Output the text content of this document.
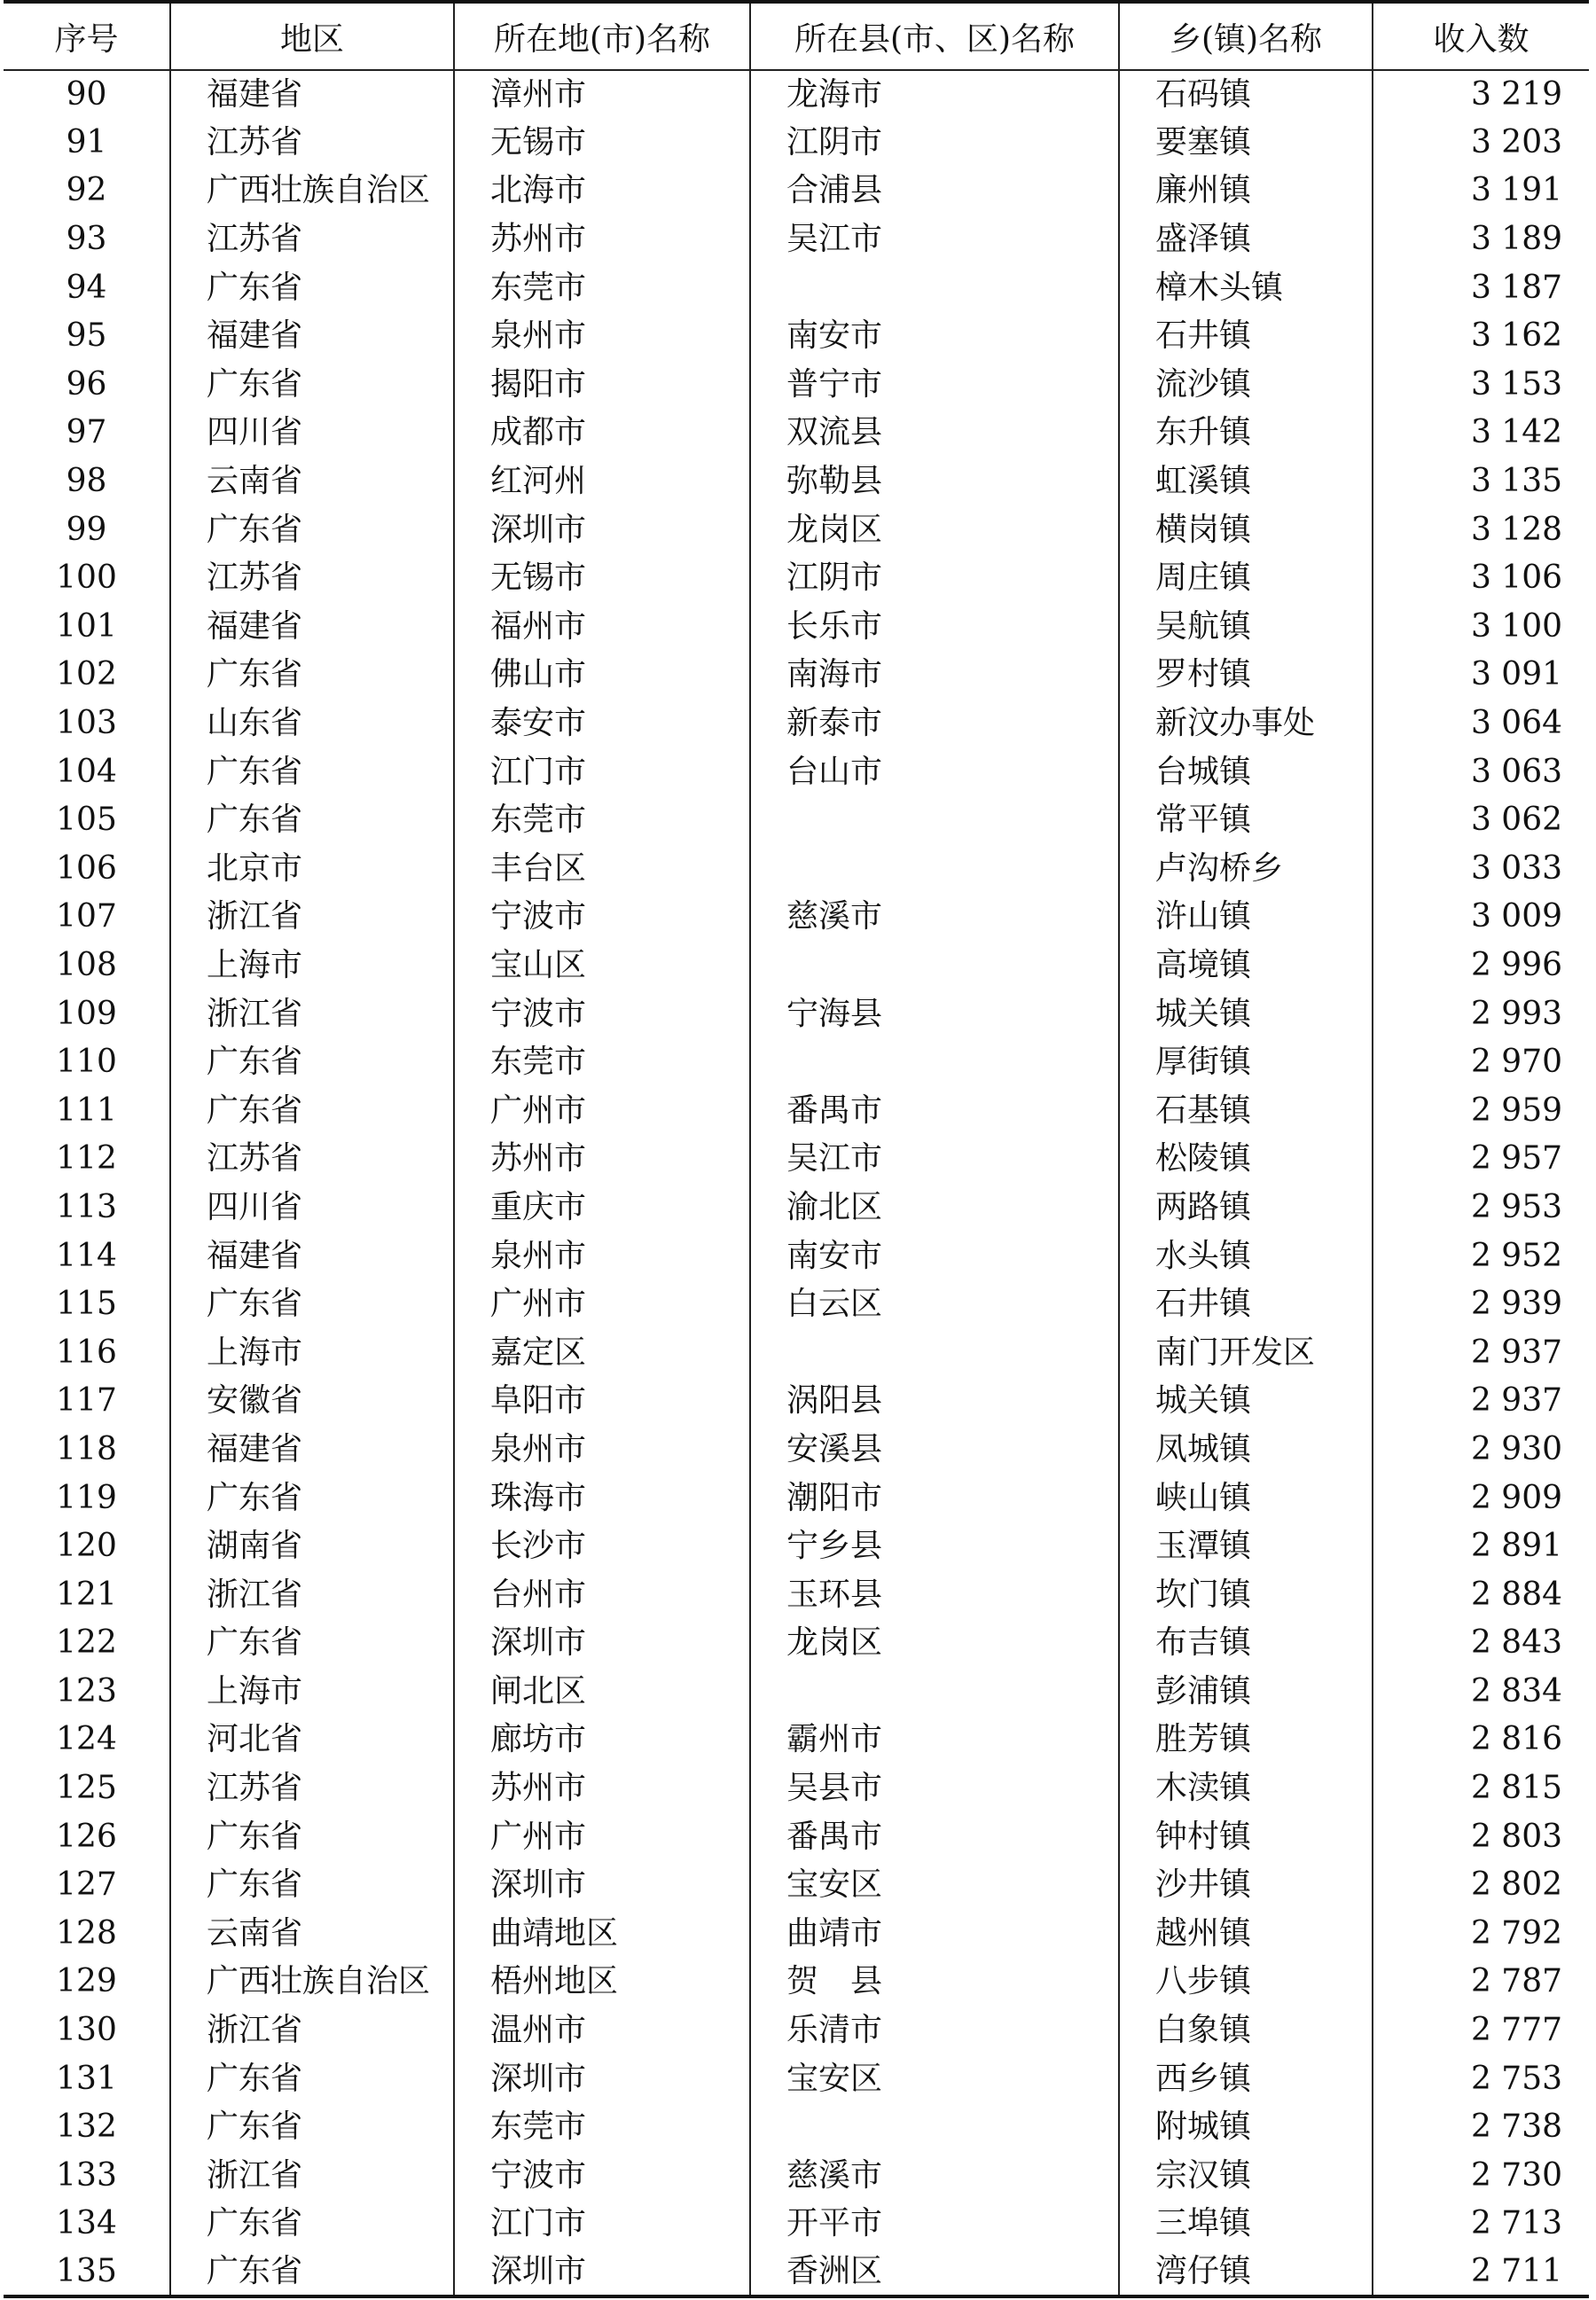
序号	地区	所在地(市)名称	所在县(市、区)名称	乡(镇)名称	收入数
90	福建省	漳州市	龙海市	石码镇	3 219
91	江苏省	无锡市	江阴市	要塞镇	3 203
92	广西壮族自治区	北海市	合浦县	廉州镇	3 191
93	江苏省	苏州市	吴江市	盛泽镇	3 189
94	广东省	东莞市		樟木头镇	3 187
95	福建省	泉州市	南安市	石井镇	3 162
96	广东省	揭阳市	普宁市	流沙镇	3 153
97	四川省	成都市	双流县	东升镇	3 142
98	云南省	红河州	弥勒县	虹溪镇	3 135
99	广东省	深圳市	龙岗区	横岗镇	3 128
100	江苏省	无锡市	江阴市	周庄镇	3 106
101	福建省	福州市	长乐市	吴航镇	3 100
102	广东省	佛山市	南海市	罗村镇	3 091
103	山东省	泰安市	新泰市	新汶办事处	3 064
104	广东省	江门市	台山市	台城镇	3 063
105	广东省	东莞市		常平镇	3 062
106	北京市	丰台区		卢沟桥乡	3 033
107	浙江省	宁波市	慈溪市	浒山镇	3 009
108	上海市	宝山区		高境镇	2 996
109	浙江省	宁波市	宁海县	城关镇	2 993
110	广东省	东莞市		厚街镇	2 970
111	广东省	广州市	番禺市	石基镇	2 959
112	江苏省	苏州市	吴江市	松陵镇	2 957
113	四川省	重庆市	渝北区	两路镇	2 953
114	福建省	泉州市	南安市	水头镇	2 952
115	广东省	广州市	白云区	石井镇	2 939
116	上海市	嘉定区		南门开发区	2 937
117	安徽省	阜阳市	涡阳县	城关镇	2 937
118	福建省	泉州市	安溪县	凤城镇	2 930
119	广东省	珠海市	潮阳市	峡山镇	2 909
120	湖南省	长沙市	宁乡县	玉潭镇	2 891
121	浙江省	台州市	玉环县	坎门镇	2 884
122	广东省	深圳市	龙岗区	布吉镇	2 843
123	上海市	闸北区		彭浦镇	2 834
124	河北省	廊坊市	霸州市	胜芳镇	2 816
125	江苏省	苏州市	吴县市	木渎镇	2 815
126	广东省	广州市	番禺市	钟村镇	2 803
127	广东省	深圳市	宝安区	沙井镇	2 802
128	云南省	曲靖地区	曲靖市	越州镇	2 792
129	广西壮族自治区	梧州地区	贺　县	八步镇	2 787
130	浙江省	温州市	乐清市	白象镇	2 777
131	广东省	深圳市	宝安区	西乡镇	2 753
132	广东省	东莞市		附城镇	2 738
133	浙江省	宁波市	慈溪市	宗汉镇	2 730
134	广东省	江门市	开平市	三埠镇	2 713
135	广东省	深圳市	香洲区	湾仔镇	2 711
